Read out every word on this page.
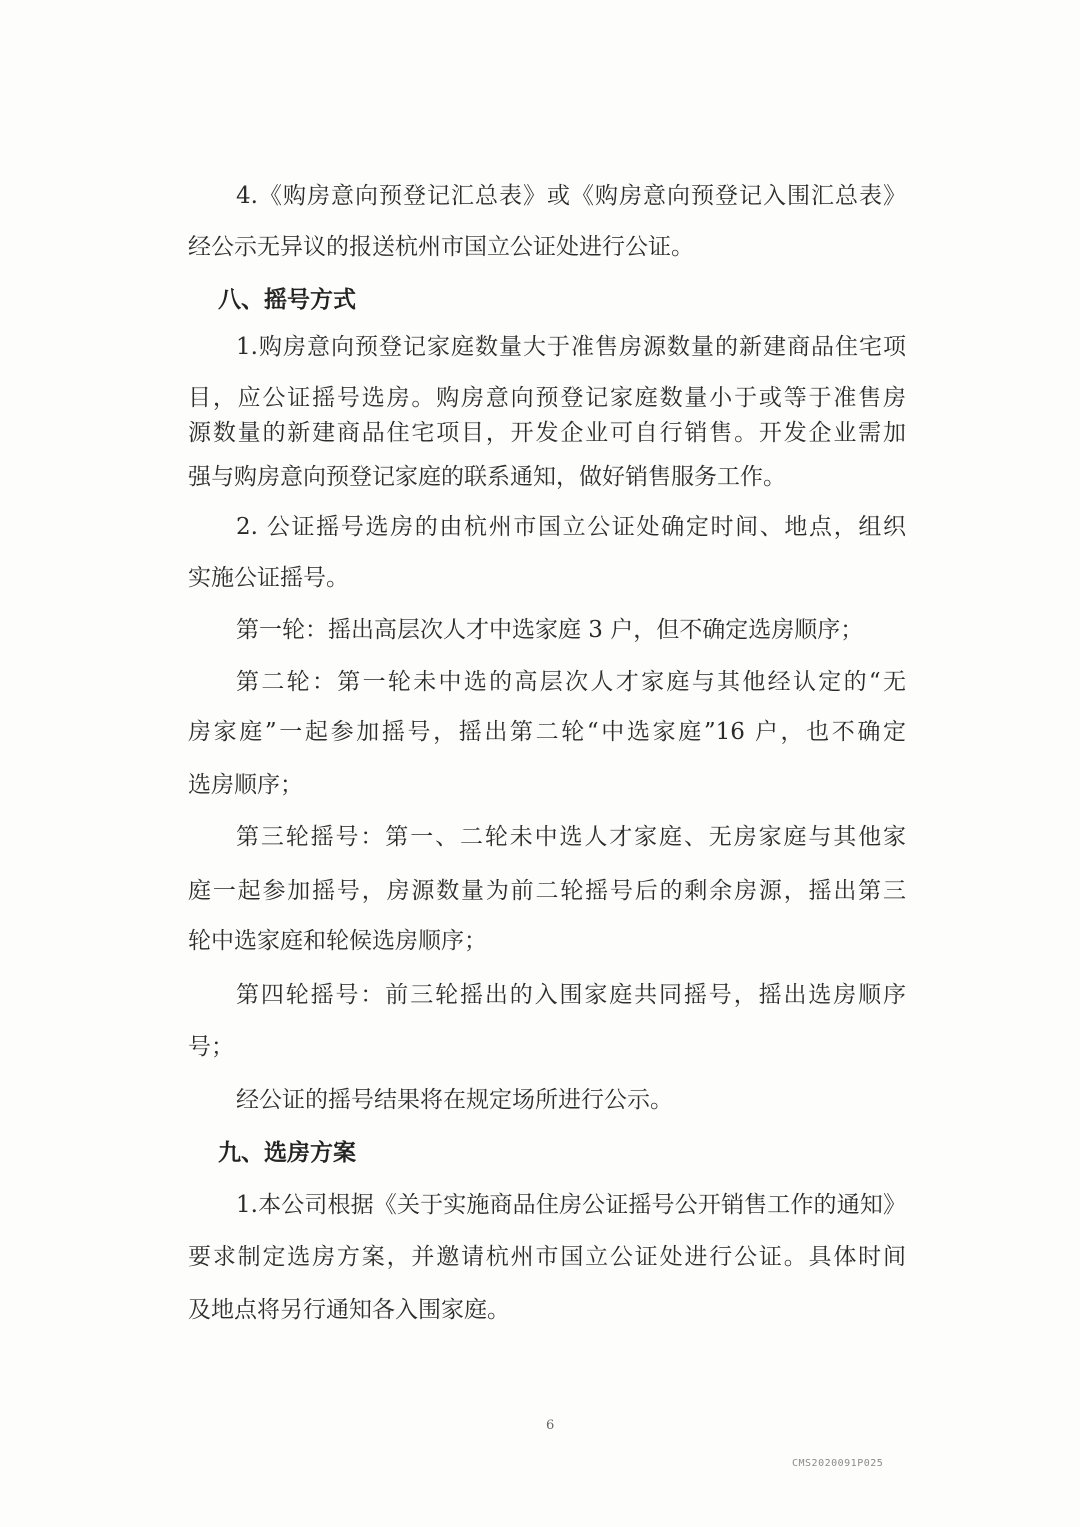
4.《购房意向预登记汇总表》或《购房意向预登记入围汇总表》
经公示无异议的报送杭州市国立公证处进行公证。
八、摇号方式
1.购房意向预登记家庭数量大于准售房源数量的新建商品住宅项
目，应公证摇号选房。购房意向预登记家庭数量小于或等于准售房
源数量的新建商品住宅项目，开发企业可自行销售。开发企业需加
强与购房意向预登记家庭的联系通知，做好销售服务工作。
2. 公证摇号选房的由杭州市国立公证处确定时间、地点，组织
实施公证摇号。
第一轮：摇出高层次人才中选家庭 3 户，但不确定选房顺序；
第二轮：第一轮未中选的高层次人才家庭与其他经认定的“无
房家庭”一起参加摇号，摇出第二轮“中选家庭”16 户，也不确定
选房顺序；
第三轮摇号：第一、二轮未中选人才家庭、无房家庭与其他家
庭一起参加摇号，房源数量为前二轮摇号后的剩余房源，摇出第三
轮中选家庭和轮候选房顺序；
第四轮摇号：前三轮摇出的入围家庭共同摇号，摇出选房顺序
号；
经公证的摇号结果将在规定场所进行公示。
九、选房方案
1.本公司根据《关于实施商品住房公证摇号公开销售工作的通知》
要求制定选房方案，并邀请杭州市国立公证处进行公证。具体时间
及地点将另行通知各入围家庭。
6
CMS2020091P025
